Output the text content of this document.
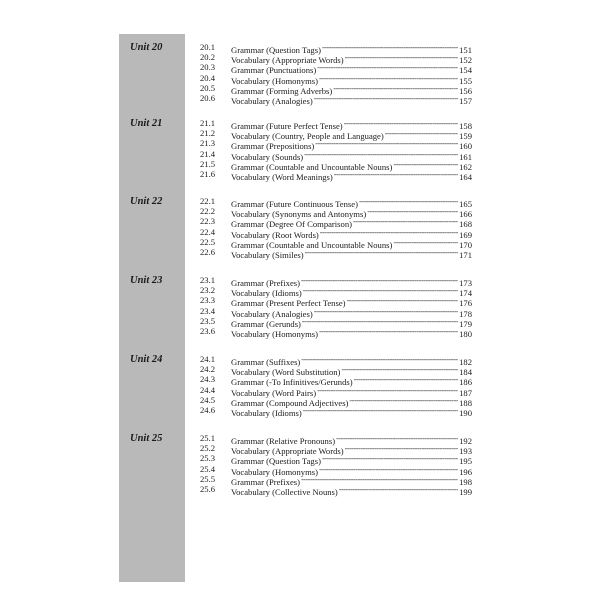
Unit 20	20.1	Grammar (Question Tags) -----	151
20.2	Vocabulary (Appropriate Words) -----	152
20.3	Grammar (Punctuations) -----	154
20.4	Vocabulary (Homonyms) -----	155
20.5	Grammar (Forming Adverbs) -----	156
20.6	Vocabulary (Analogies) -----	157
Unit 21	21.1	Grammar (Future Perfect Tense) -----	158
21.2	Vocabulary (Country, People and Language) -----	159
21.3	Grammar (Prepositions) -----	160
21.4	Vocabulary (Sounds) -----	161
21.5	Grammar (Countable and Uncountable Nouns) -----	162
21.6	Vocabulary (Word Meanings) -----	164
Unit 22	22.1	Grammar (Future Continuous Tense) -----	165
22.2	Vocabulary (Synonyms and Antonyms) -----	166
22.3	Grammar (Degree Of Comparison) -----	168
22.4	Vocabulary (Root Words) -----	169
22.5	Grammar (Countable and Uncountable Nouns) -----	170
22.6	Vocabulary (Similes) -----	171
Unit 23	23.1	Grammar (Prefixes) -----	173
23.2	Vocabulary (Idioms) -----	174
23.3	Grammar (Present Perfect Tense) -----	176
23.4	Vocabulary (Analogies) -----	178
23.5	Grammar (Gerunds) -----	179
23.6	Vocabulary (Homonyms) -----	180
Unit 24	24.1	Grammar (Suffixes) -----	182
24.2	Vocabulary (Word Substitution) -----	184
24.3	Grammar (-To Infinitives/Gerunds) -----	186
24.4	Vocabulary (Word Pairs) -----	187
24.5	Grammar (Compound Adjectives) -----	188
24.6	Vocabulary (Idioms) -----	190
Unit 25	25.1	Grammar (Relative Pronouns) -----	192
25.2	Vocabulary (Appropriate Words) -----	193
25.3	Grammar (Question Tags) -----	195
25.4	Vocabulary (Homonyms) -----	196
25.5	Grammar (Prefixes) -----	198
25.6	Vocabulary (Collective Nouns) -----	199
